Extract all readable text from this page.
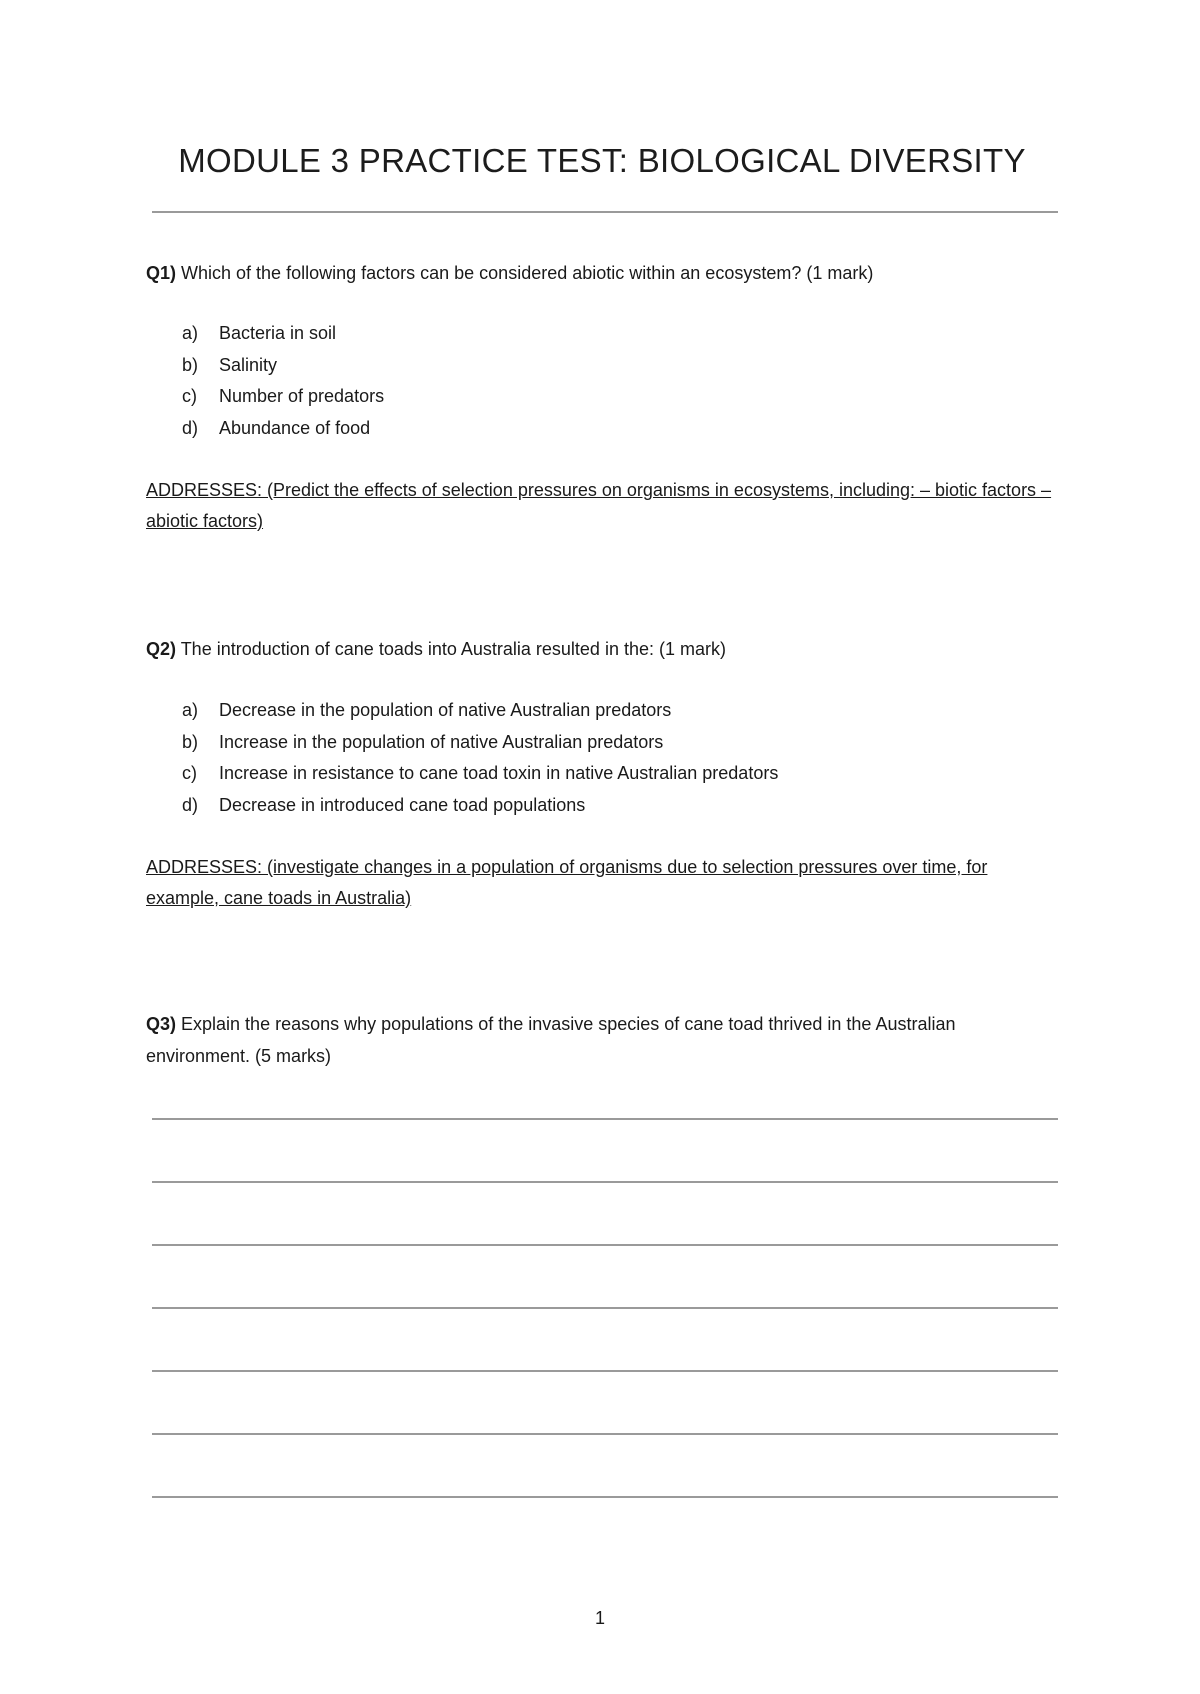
MODULE 3 PRACTICE TEST: BIOLOGICAL DIVERSITY

Q1) Which of the following factors can be considered abiotic within an ecosystem? (1 mark)

a)	Bacteria in soil
b)	Salinity
c)	Number of predators
d)	Abundance of food

ADDRESSES: (Predict the effects of selection pressures on organisms in ecosystems, including: – biotic factors – abiotic factors)

Q2) The introduction of cane toads into Australia resulted in the: (1 mark)

a)	Decrease in the population of native Australian predators
b)	Increase in the population of native Australian predators
c)	Increase in resistance to cane toad toxin in native Australian predators
d)	Decrease in introduced cane toad populations

ADDRESSES: (investigate changes in a population of organisms due to selection pressures over time, for example, cane toads in Australia)

Q3) Explain the reasons why populations of the invasive species of cane toad thrived in the Australian environment. (5 marks)

1
